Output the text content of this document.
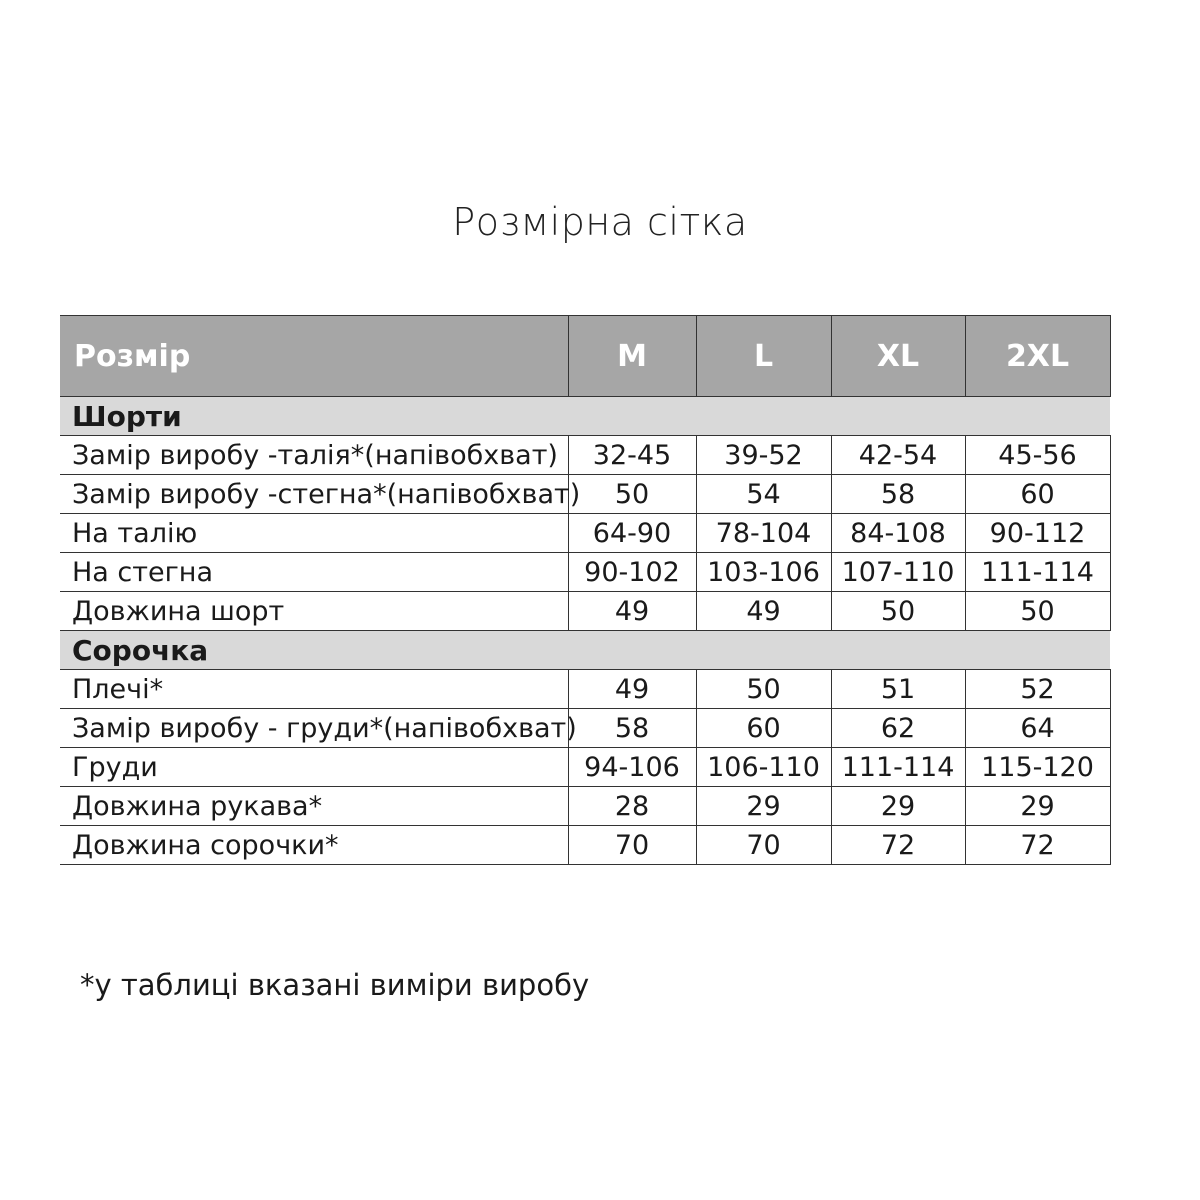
Розмірна сітка
Розмір	M	L	XL	2XL
Шорти				
Замір виробу -талія*(напівобхват)	32-45	39-52	42-54	45-56
Замір виробу -стегна*(напівобхват)	50	54	58	60
На талію	64-90	78-104	84-108	90-112
На стегна	90-102	103-106	107-110	111-114
Довжина шорт	49	49	50	50
Сорочка				
Плечі*	49	50	51	52
Замір виробу - груди*(напівобхват)	58	60	62	64
Груди	94-106	106-110	111-114	115-120
Довжина рукава*	28	29	29	29
Довжина сорочки*	70	70	72	72
*у таблиці вказані виміри виробу
